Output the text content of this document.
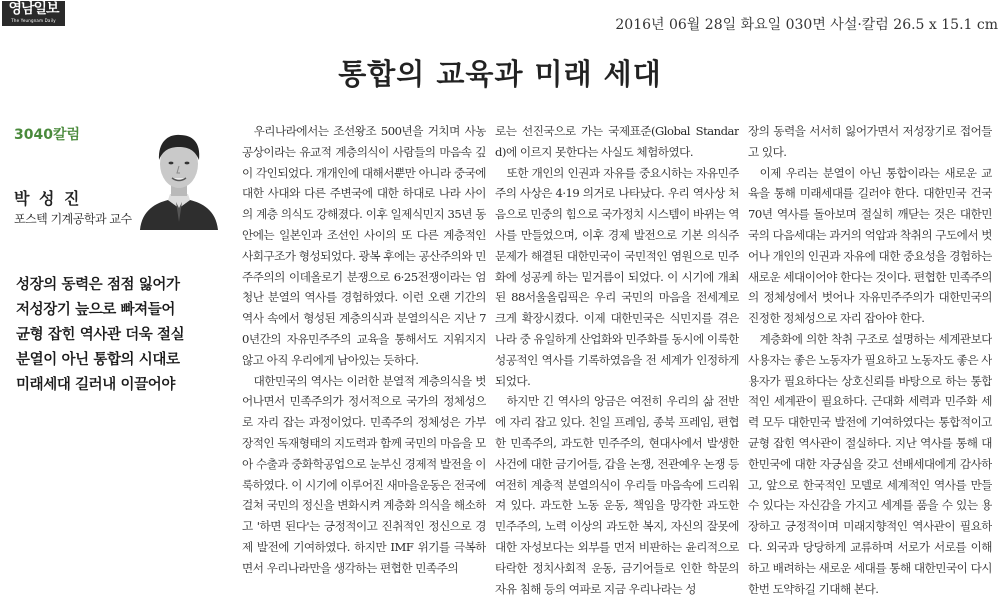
영남일보
The Yeungnam Daily	2016년 06월 28일 화요일 030면 사설·칼럼 26.5 x 15.1 cm
통합의 교육과 미래 세대
3040칼럼
박 성 진
포스텍 기계공학과 교수
성장의 동력은 점점 잃어가
저성장기 늪으로 빠져들어
균형 잡힌 역사관 더욱 절실
분열이 아닌 통합의 시대로
미래세대 길러내 이끌어야

우리나라에서는 조선왕조 500년을 거치며 사농공상이라는 유교적 계층의식이 사람들의 마음속 깊이 각인되었다. 개개인에 대해서뿐만 아니라 중국에 대한 사대와 다른 주변국에 대한 하대로 나라 사이의 계층 의식도 강해졌다. 이후 일제식민지 35년 동안에는 일본인과 조선인 사이의 또 다른 계층적인 사회구조가 형성되었다. 광복 후에는 공산주의와 민주주의의 이데올로기 분쟁으로 6·25전쟁이라는 엄청난 분열의 역사를 경험하였다. 이런 오랜 기간의 역사 속에서 형성된 계층의식과 분열의식은 지난 70년간의 자유민주주의 교육을 통해서도 지워지지 않고 아직 우리에게 남아있는 듯하다.

대한민국의 역사는 이러한 분열적 계층의식을 벗어나면서 민족주의가 정서적으로 국가의 정체성으로 자리 잡는 과정이었다. 민족주의 정체성은 가부장적인 독재형태의 지도력과 함께 국민의 마음을 모아 수출과 중화학공업으로 눈부신 경제적 발전을 이룩하였다. 이 시기에 이루어진 새마을운동은 전국에 걸쳐 국민의 정신을 변화시켜 계층화 의식을 해소하고 '하면 된다'는 긍정적이고 진취적인 정신으로 경제 발전에 기여하였다. 하지만 IMF 위기를 극복하면서 우리나라만을 생각하는 편협한 민족주의

로는 선진국으로 가는 국제표준(Global Standard)에 이르지 못한다는 사실도 체험하였다.

또한 개인의 인권과 자유를 중요시하는 자유민주주의 사상은 4·19 의거로 나타났다. 우리 역사상 처음으로 민중의 힘으로 국가정치 시스템이 바뀌는 역사를 만들었으며, 이후 경제 발전으로 기본 의식주 문제가 해결된 대한민국이 국민적인 염원으로 민주화에 성공케 하는 밑거름이 되었다. 이 시기에 개최된 88서울올림픽은 우리 국민의 마음을 전세계로 크게 확장시켰다. 이제 대한민국은 식민지를 겪은 나라 중 유일하게 산업화와 민주화를 동시에 이룩한 성공적인 역사를 기록하였음을 전 세계가 인정하게 되었다.

하지만 긴 역사의 앙금은 여전히 우리의 삶 전반에 자리 잡고 있다. 친일 프레임, 종북 프레임, 편협한 민족주의, 과도한 민주주의, 현대사에서 발생한 사건에 대한 금기어들, 갑을 논쟁, 전관예우 논쟁 등 여전히 계층적 분열의식이 우리들 마음속에 드리워져 있다. 과도한 노동 운동, 책임을 망각한 과도한 민주주의, 노력 이상의 과도한 복지, 자신의 잘못에 대한 자성보다는 외부를 먼저 비판하는 윤리적으로 타락한 정치사회적 운동, 금기어들로 인한 학문의 자유 침해 등의 여파로 지금 우리나라는 성

장의 동력을 서서히 잃어가면서 저성장기로 접어들고 있다.

이제 우리는 분열이 아닌 통합이라는 새로운 교육을 통해 미래세대를 길러야 한다. 대한민국 건국 70년 역사를 돌아보며 절실히 깨닫는 것은 대한민국의 다음세대는 과거의 억압과 착취의 구도에서 벗어나 개인의 인권과 자유에 대한 중요성을 경험하는 새로운 세대이어야 한다는 것이다. 편협한 민족주의의 정체성에서 벗어나 자유민주주의가 대한민국의 진정한 정체성으로 자리 잡아야 한다.

계층화에 의한 착취 구조로 설명하는 세계관보다 사용자는 좋은 노동자가 필요하고 노동자도 좋은 사용자가 필요하다는 상호신뢰를 바탕으로 하는 통합적인 세계관이 필요하다. 근대화 세력과 민주화 세력 모두 대한민국 발전에 기여하였다는 통합적이고 균형 잡힌 역사관이 절실하다. 지난 역사를 통해 대한민국에 대한 자긍심을 갖고 선배세대에게 감사하고, 앞으로 한국적인 모델로 세계적인 역사를 만들 수 있다는 자신감을 가지고 세계를 품을 수 있는 용장하고 긍정적이며 미래지향적인 역사관이 필요하다. 외국과 당당하게 교류하며 서로가 서로를 이해하고 배려하는 새로운 세대를 통해 대한민국이 다시 한번 도약하길 기대해 본다.
